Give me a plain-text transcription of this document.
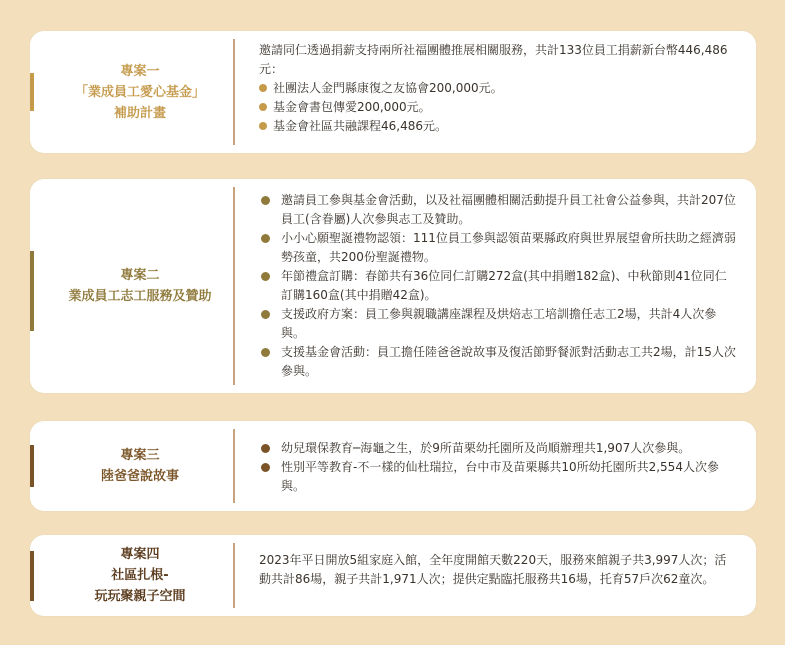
專案一
「業成員工愛心基金」
補助計畫

邀請同仁透過捐薪支持兩所社福團體推展相關服務，共計133位員工捐薪新台幣446,486元：

社團法人金門縣康復之友協會200,000元。
基金會書包傳愛200,000元。
基金會社區共融課程46,486元。
專案二
業成員工志工服務及贊助
邀請員工參與基金會活動，以及社福團體相關活動提升員工社會公益參與，共計207位員工(含眷屬)人次參與志工及贊助。
小小心願聖誕禮物認領：111位員工參與認領苗栗縣政府與世界展望會所扶助之經濟弱勢孩童，共200份聖誕禮物。
年節禮盒訂購：春節共有36位同仁訂購272盒(其中捐贈182盒)、中秋節則41位同仁訂購160盒(其中捐贈42盒)。
支援政府方案：員工參與親職講座課程及烘焙志工培訓擔任志工2場，共計4人次參與。
支援基金會活動：員工擔任陸爸爸說故事及復活節野餐派對活動志工共2場，計15人次參與。
專案三
陸爸爸說故事
幼兒環保教育─海龜之生，於9所苗栗幼托園所及尚順辦理共1,907人次參與。
性別平等教育-不一樣的仙杜瑞拉，台中市及苗栗縣共10所幼托園所共2,554人次參與。
專案四
社區扎根-
玩玩聚親子空間

2023年平日開放5組家庭入館，全年度開館天數220天，服務來館親子共3,997人次；活動共計86場，親子共計1,971人次；提供定點臨托服務共16場，托育57戶次62童次。
